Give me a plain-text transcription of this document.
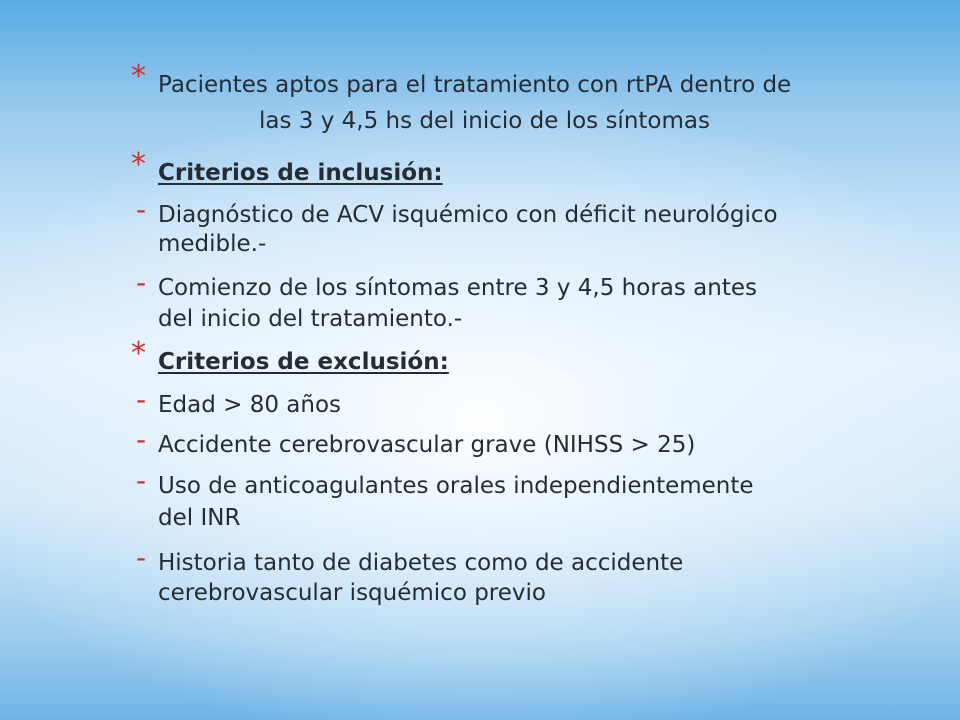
* Pacientes aptos para el tratamiento con rtPA dentro de
las 3 y 4,5 hs del inicio de los síntomas
* Criterios de inclusión:
- Diagnóstico de ACV isquémico con déficit neurológico
medible.-
- Comienzo de los síntomas entre 3 y 4,5 horas antes
del inicio del tratamiento.-
* Criterios de exclusión:
- Edad > 80 años
- Accidente cerebrovascular grave (NIHSS > 25)
- Uso de anticoagulantes orales independientemente
del INR
- Historia tanto de diabetes como de accidente
cerebrovascular isquémico previo
